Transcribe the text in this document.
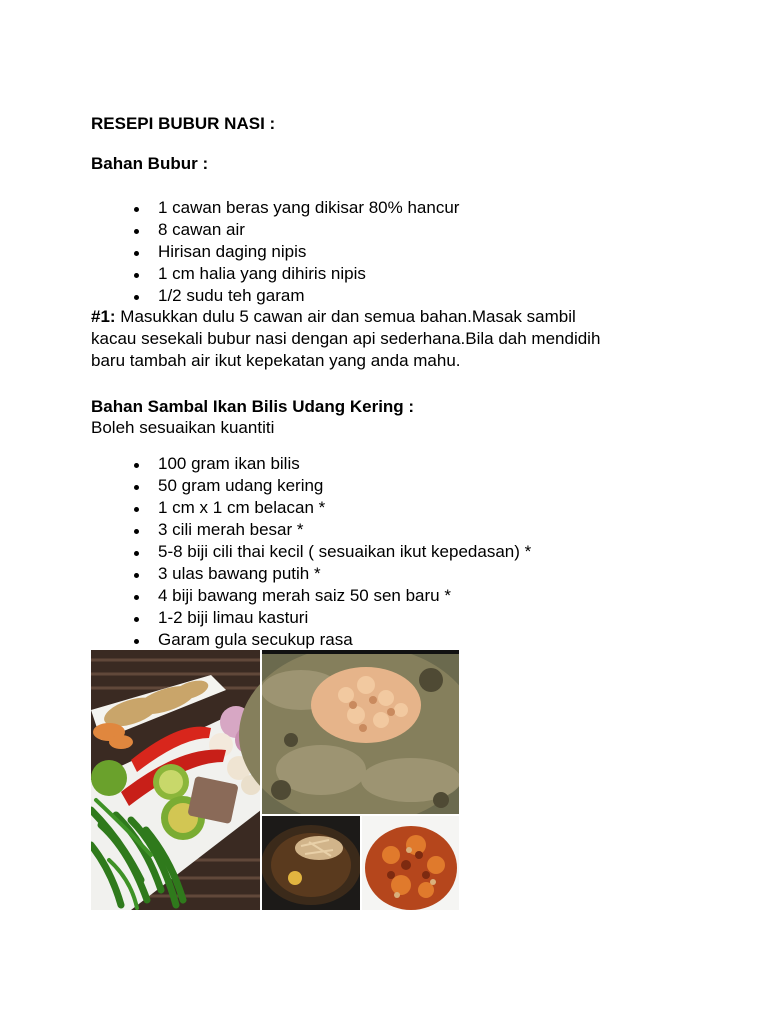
RESEPI BUBUR NASI :
Bahan Bubur :
1 cawan beras yang dikisar 80% hancur
8 cawan air
Hirisan daging nipis
1 cm halia yang dihiris nipis
1/2 sudu teh garam
#1: Masukkan dulu 5 cawan air dan semua bahan.Masak sambil
kacau sesekali bubur nasi dengan api sederhana.Bila dah mendidih
baru tambah air ikut kepekatan yang anda mahu.
Bahan Sambal Ikan Bilis Udang Kering :
Boleh sesuaikan kuantiti
100 gram ikan bilis
50 gram udang kering
1 cm x 1 cm belacan *
3 cili merah besar *
5-8 biji cili thai kecil ( sesuaikan ikut kepedasan) *
3 ulas bawang putih *
4 biji bawang merah saiz 50 sen baru *
1-2 biji limau kasturi
Garam gula secukup rasa
